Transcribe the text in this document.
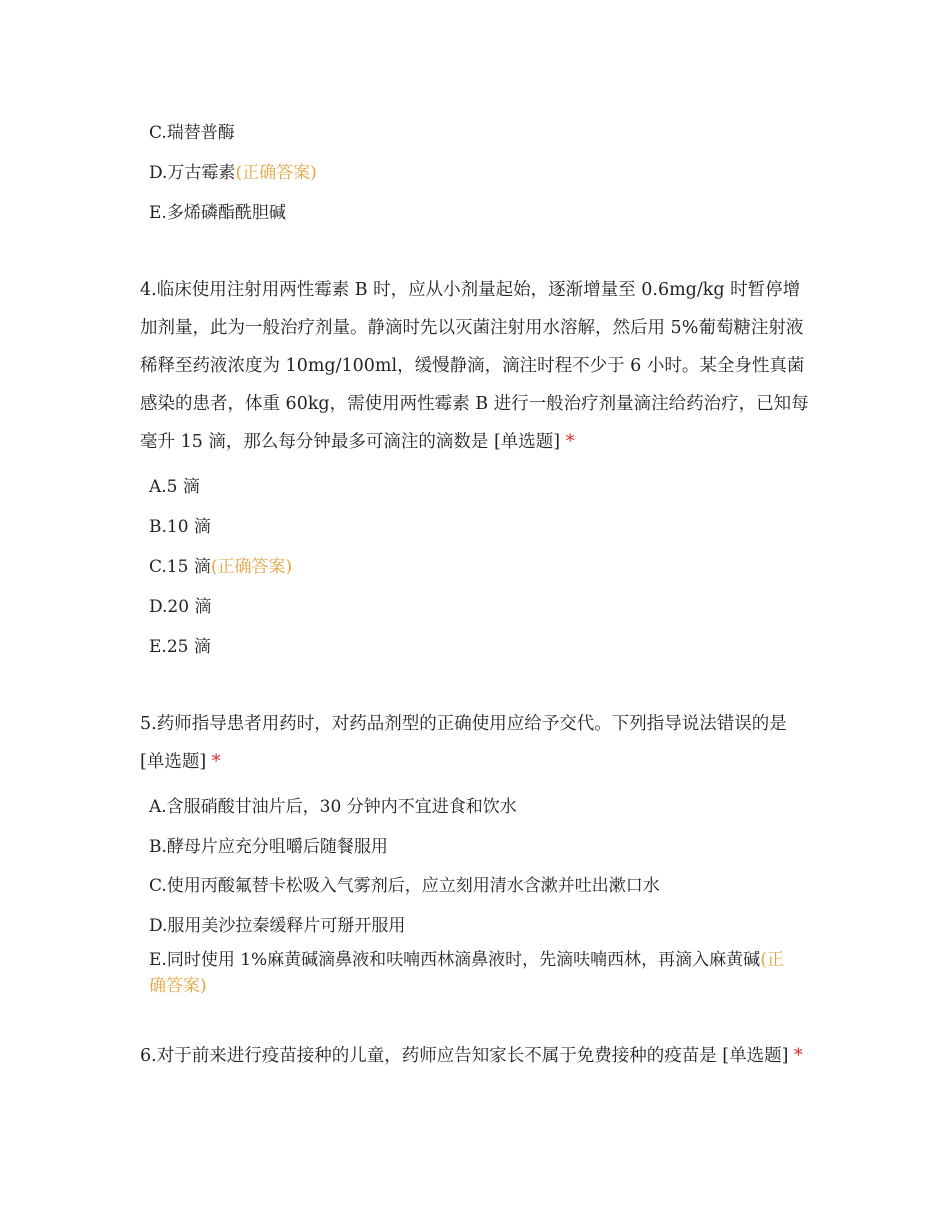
C.瑞替普酶
D.万古霉素(正确答案)
E.多烯磷酯酰胆碱
4.临床使用注射用两性霉素 B 时，应从小剂量起始，逐渐增量至 0.6mg/kg 时暂停增加剂量，此为一般治疗剂量。静滴时先以灭菌注射用水溶解，然后用 5%葡萄糖注射液稀释至药液浓度为 10mg/100ml，缓慢静滴，滴注时程不少于 6 小时。某全身性真菌感染的患者，体重 60kg，需使用两性霉素 B 进行一般治疗剂量滴注给药治疗，已知每毫升 15 滴，那么每分钟最多可滴注的滴数是 [单选题] *
A.5 滴
B.10 滴
C.15 滴(正确答案)
D.20 滴
E.25 滴
5.药师指导患者用药时，对药品剂型的正确使用应给予交代。下列指导说法错误的是 [单选题] *
A.含服硝酸甘油片后，30 分钟内不宜进食和饮水
B.酵母片应充分咀嚼后随餐服用
C.使用丙酸氟替卡松吸入气雾剂后，应立刻用清水含漱并吐出漱口水
D.服用美沙拉秦缓释片可掰开服用
E.同时使用 1%麻黄碱滴鼻液和呋喃西林滴鼻液时，先滴呋喃西林，再滴入麻黄碱(正确答案)
6.对于前来进行疫苗接种的儿童，药师应告知家长不属于免费接种的疫苗是 [单选题] *
